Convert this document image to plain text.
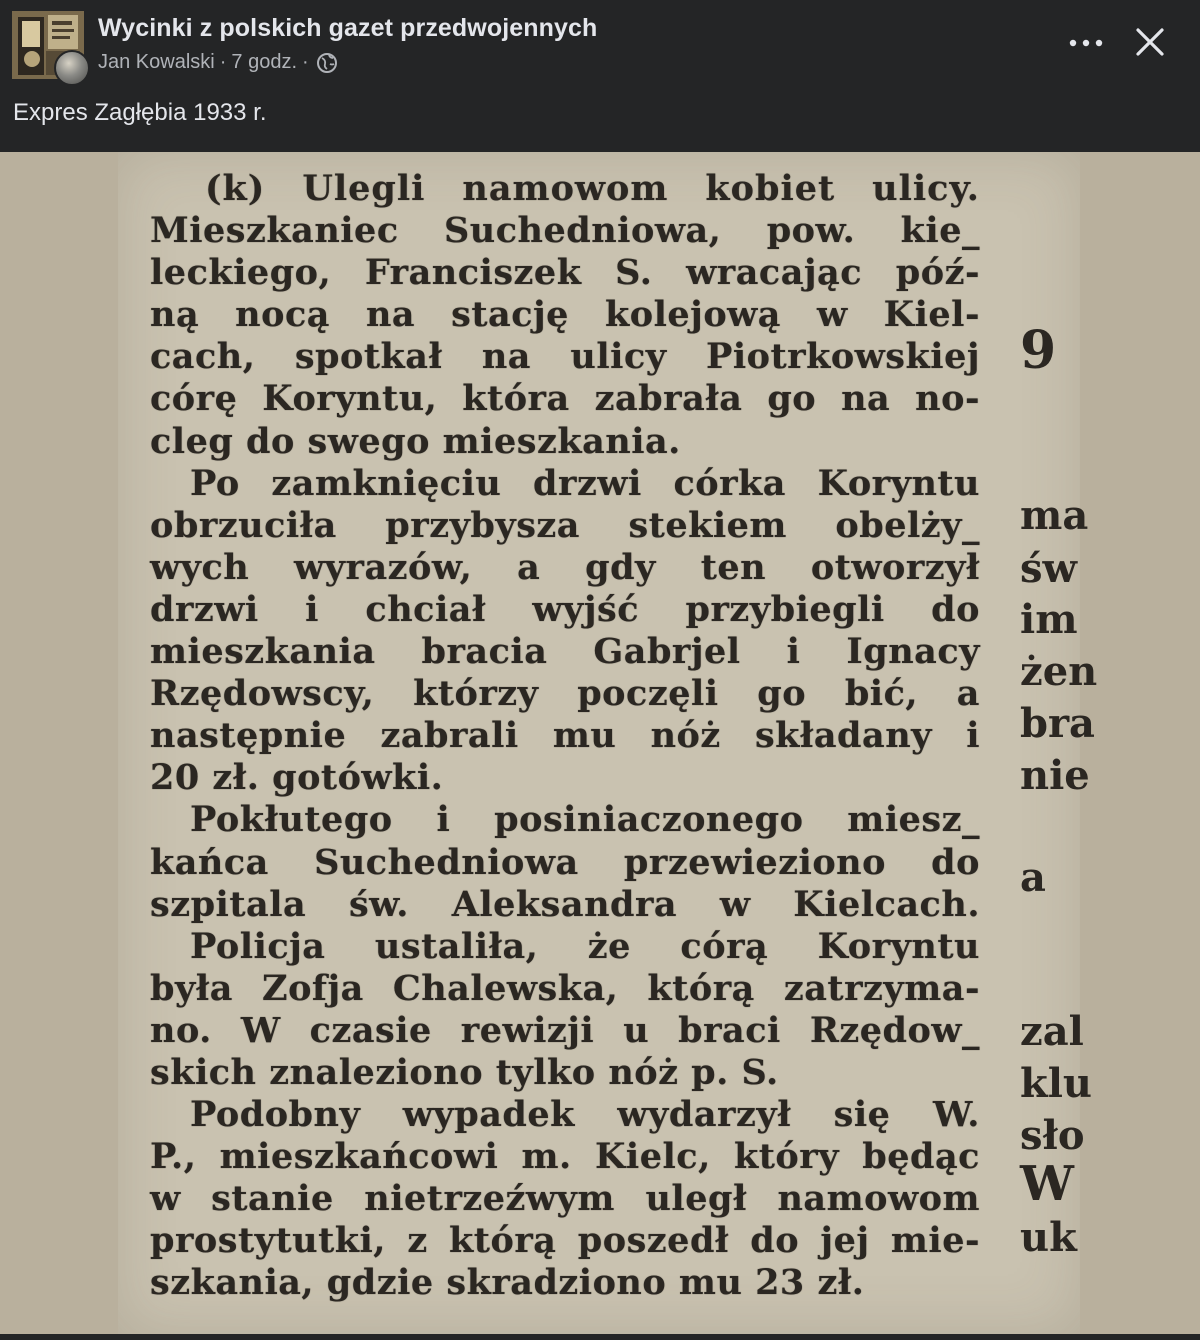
Wycinki z polskich gazet przedwojennych
Jan Kowalski · 7 godz. ·
Expres Zagłębia 1933 r.
(k) Ulegli namowom kobiet ulicy.
Mieszkaniec Suchedniowa, pow. kie_
leckiego, Franciszek S. wracając póź-
ną nocą na stację kolejową w Kiel-
cach, spotkał na ulicy Piotrkowskiej
córę Koryntu, która zabrała go na no-
cleg do swego mieszkania.
Po zamknięciu drzwi córka Koryntu
obrzuciła przybysza stekiem obelży_
wych wyrazów, a gdy ten otworzył
drzwi i chciał wyjść przybiegli do
mieszkania bracia Gabrjel i Ignacy
Rzędowscy, którzy poczęli go bić, a
następnie zabrali mu nóż składany i
20 zł. gotówki.
Pokłutego i posiniaczonego miesz_
kańca Suchedniowa przewieziono do
szpitala św. Aleksandra w Kielcach.
Policja ustaliła, że córą Koryntu
była Zofja Chalewska, którą zatrzyma-
no. W czasie rewizji u braci Rzędow_
skich znaleziono tylko nóż p. S.
Podobny wypadek wydarzył się W.
P., mieszkańcowi m. Kielc, który będąc
w stanie nietrzeźwym uległ namowom
prostytutki, z którą poszedł do jej mie-
szkania, gdzie skradziono mu 23 zł.
9
ma
św
im
żen
bra
nie
a
zal
klu
sło
W
uk
